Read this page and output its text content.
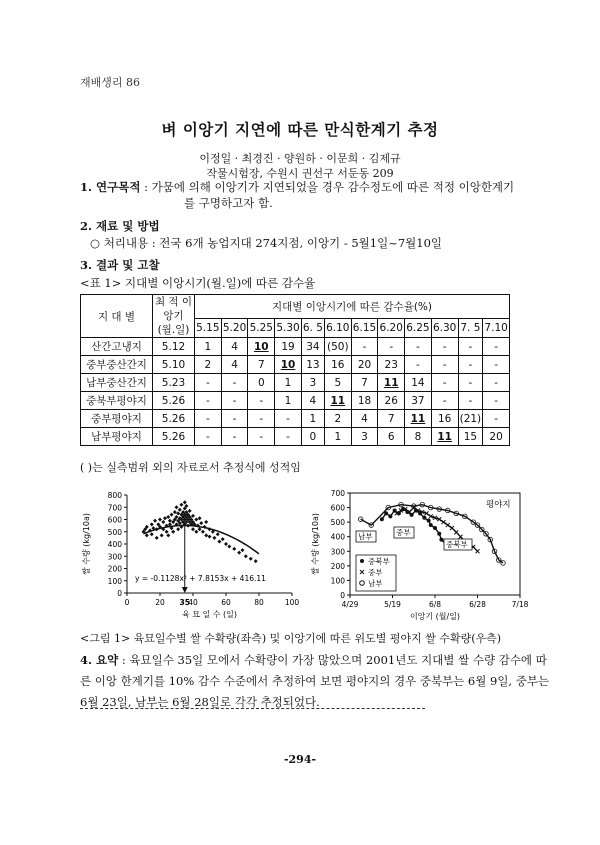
재배생리 86
벼 이앙기 지연에 따른 만식한계기 추정
이정일 · 최경진 · 양원하 · 이문희 · 김제규
작물시험장, 수원시 권선구 서둔동 209
1. 연구목적 : 가뭄에 의해 이앙기가 지연되었을 경우 감수정도에 따른 적정 이앙한계기
를 구명하고자 함.
2. 재료 및 방법
○ 처리내용 : 전국 6개 농업지대 274지점, 이앙기 - 5월1일~7월10일
3. 결과 및 고찰
<표 1> 지대별 이앙시기(월.일)에 따른 감수율
지 대 별	최 적 이앙기 (월.일)	지대별 이앙시기에 따른 감수율(%)											
		5.15	5.20	5.25	5.30	6. 5	6.10	6.15	6.20	6.25	6.30	7. 5	7.10
산간고냉지	5.12	1	4	10	19	34	(50)	-	-	-	-	-	-
중부중산간지	5.10	2	4	7	10	13	16	20	23	-	-	-	-
남부중산간지	5.23	-	-	0	1	3	5	7	11	14	-	-	-
중북부평야지	5.26	-	-	-	1	4	11	18	26	37	-	-	-
중부평야지	5.26	-	-	-	-	1	2	4	7	11	16	(21)	-
남부평야지	5.26	-	-	-	-	0	1	3	6	8	11	15	20
( )는 실측범위 외의 자료로서 추정식에 성적임
0
100
200
300
400
500
600
700
800
0	20	40	60	80	100
35
y = -0.1128x² + 7.8153x + 416.11
육 묘 일 수 (일)
쌀 수량 (kg/10a)
0
100
200
300
400
500
600
700
4/29	5/19	6/8	6/28	7/18
중북부
중부
남부
남부	중부
중북부
평야지
이앙기 (월/일)
쌀 수량 (kg/10a)
<그림 1> 육묘일수별 쌀 수확량(좌측) 및 이앙기에 따른 위도별 평야지 쌀 수확량(우측)
4. 요약 : 육묘일수 35일 모에서 수확량이 가장 많았으며 2001년도 지대별 쌀 수량 감수에 따른 이앙 한계기를 10% 감수 수준에서 추정하여 보면 평야지의 경우 중북부는 6월 9일, 중부는 6월 23일, 남부는 6월 28일로 각각 추정되었다.
-294-
